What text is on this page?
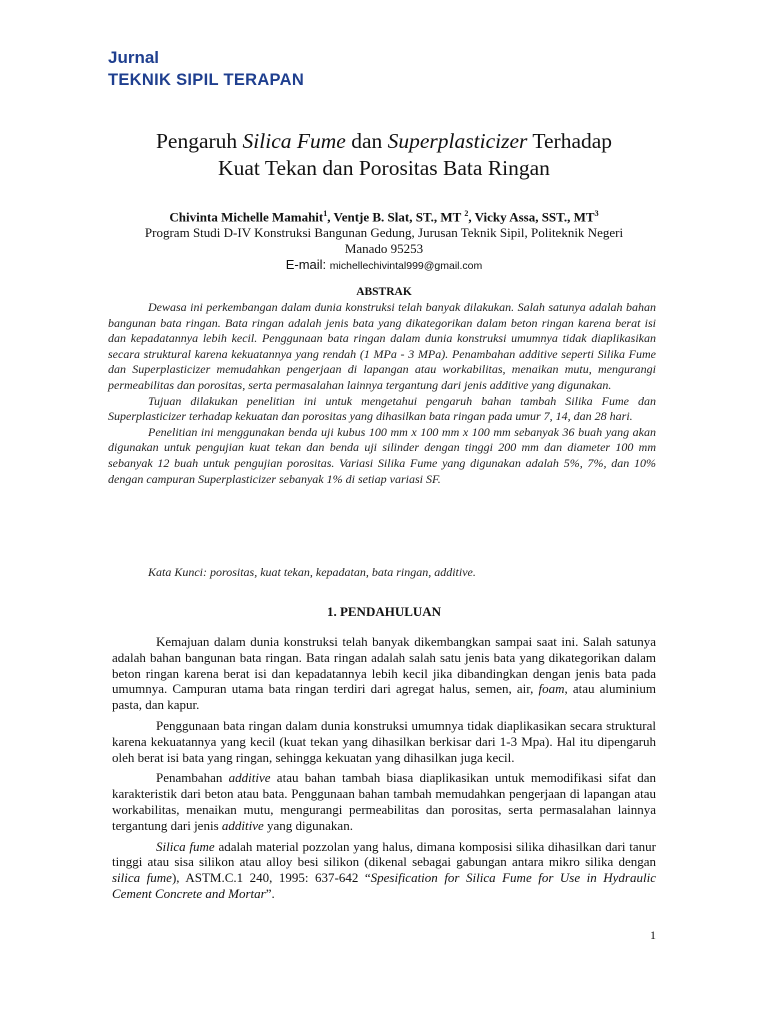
Jurnal
TEKNIK SIPIL TERAPAN
Pengaruh Silica Fume dan Superplasticizer Terhadap
Kuat Tekan dan Porositas Bata Ringan
Chivinta Michelle Mamahit$^1$, Ventje B. Slat, ST., MT $^2$, Vicky Assa, SST., $MT^3$
Program Studi D-IV Konstruksi Bangunan Gedung, Jurusan Teknik Sipil, Politeknik Negeri
Manado 95253
E-mail: michellechivintal999@gmail.com
ABSTRAK

Dewasa ini perkembangan dalam dunia konstruksi telah banyak dilakukan. Salah satunya adalah bahan bangunan bata ringan. Bata ringan adalah jenis bata yang dikategorikan dalam beton ringan karena berat isi dan kepadatannya lebih kecil. Penggunaan bata ringan dalam dunia konstruksi umumnya tidak diaplikasikan secara struktural karena kekuatannya yang rendah (1 MPa - 3 MPa). Penambahan additive seperti Silika Fume dan Superplasticizer memudahkan pengerjaan di lapangan atau workabilitas, menaikan mutu, mengurangi permeabilitas dan porositas, serta permasalahan lainnya tergantung dari jenis additive yang digunakan.

Tujuan dilakukan penelitian ini untuk mengetahui pengaruh bahan tambah Silika Fume dan Superplasticizer terhadap kekuatan dan porositas yang dihasilkan bata ringan pada umur 7, 14, dan 28 hari.

Penelitian ini menggunakan benda uji kubus 100 mm x 100 mm x 100 mm sebanyak 36 buah yang akan digunakan untuk pengujian kuat tekan dan benda uji silinder dengan tinggi 200 mm dan diameter 100 mm sebanyak 12 buah untuk pengujian porositas. Variasi Silika Fume yang digunakan adalah 5%, 7%, dan 10% dengan campuran Superplasticizer sebanyak 1% di setiap variasi SF.

Kata Kunci: porositas, kuat tekan, kepadatan, bata ringan, additive.
1. PENDAHULUAN

Kemajuan dalam dunia konstruksi telah banyak dikembangkan sampai saat ini. Salah satunya adalah bahan bangunan bata ringan. Bata ringan adalah salah satu jenis bata yang dikategorikan dalam beton ringan karena berat isi dan kepadatannya lebih kecil jika dibandingkan dengan jenis bata pada umumnya. Campuran utama bata ringan terdiri dari agregat halus, semen, air, foam, atau aluminium pasta, dan kapur.

Penggunaan bata ringan dalam dunia konstruksi umumnya tidak diaplikasikan secara struktural karena kekuatannya yang kecil (kuat tekan yang dihasilkan berkisar dari 1-3 Mpa). Hal itu dipengaruh oleh berat isi bata yang ringan, sehingga kekuatan yang dihasilkan juga kecil.

Penambahan additive atau bahan tambah biasa diaplikasikan untuk memodifikasi sifat dan karakteristik dari beton atau bata. Penggunaan bahan tambah memudahkan pengerjaan di lapangan atau workabilitas, menaikan mutu, mengurangi permeabilitas dan porositas, serta permasalahan lainnya tergantung dari jenis additive yang digunakan.

Silica fume adalah material pozzolan yang halus, dimana komposisi silika dihasilkan dari tanur tinggi atau sisa silikon atau alloy besi silikon (dikenal sebagai gabungan antara mikro silika dengan silica fume), ASTM.C.1 240, 1995: 637-642 “Spesification for Silica Fume for Use in Hydraulic Cement Concrete and Mortar”.

1
